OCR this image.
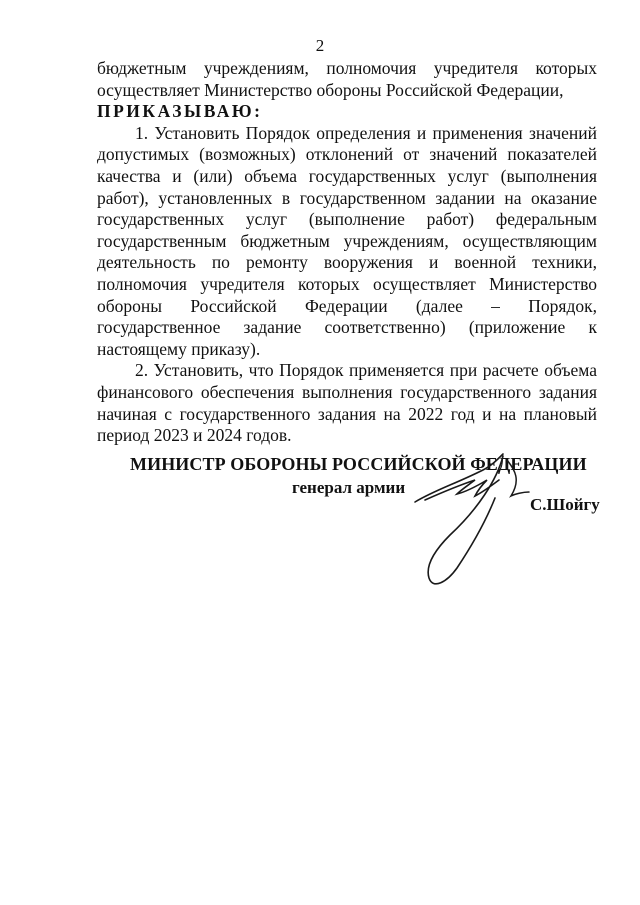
2

бюджетным учреждениям, полномочия учредителя которых осуществляет Министерство обороны Российской Федерации,

ПРИКАЗЫВАЮ:

1. Установить Порядок определения и применения значений допустимых (возможных) отклонений от значений показателей качества и (или) объема государственных услуг (выполнения работ), установленных в государственном задании на оказание государственных услуг (выполнение работ) федеральным государственным бюджетным учреждениям, осуществляющим деятельность по ремонту вооружения и военной техники, полномочия учредителя которых осуществляет Министерство обороны Российской Федерации (далее – Порядок, государственное задание соответственно) (приложение к настоящему приказу).

2. Установить, что Порядок применяется при расчете объема финансового обеспечения выполнения государственного задания начиная с государственного задания на 2022 год и на плановый период 2023 и 2024 годов.

МИНИСТР ОБОРОНЫ РОССИЙСКОЙ ФЕДЕРАЦИИ
генерал армии
С.Шойгу
